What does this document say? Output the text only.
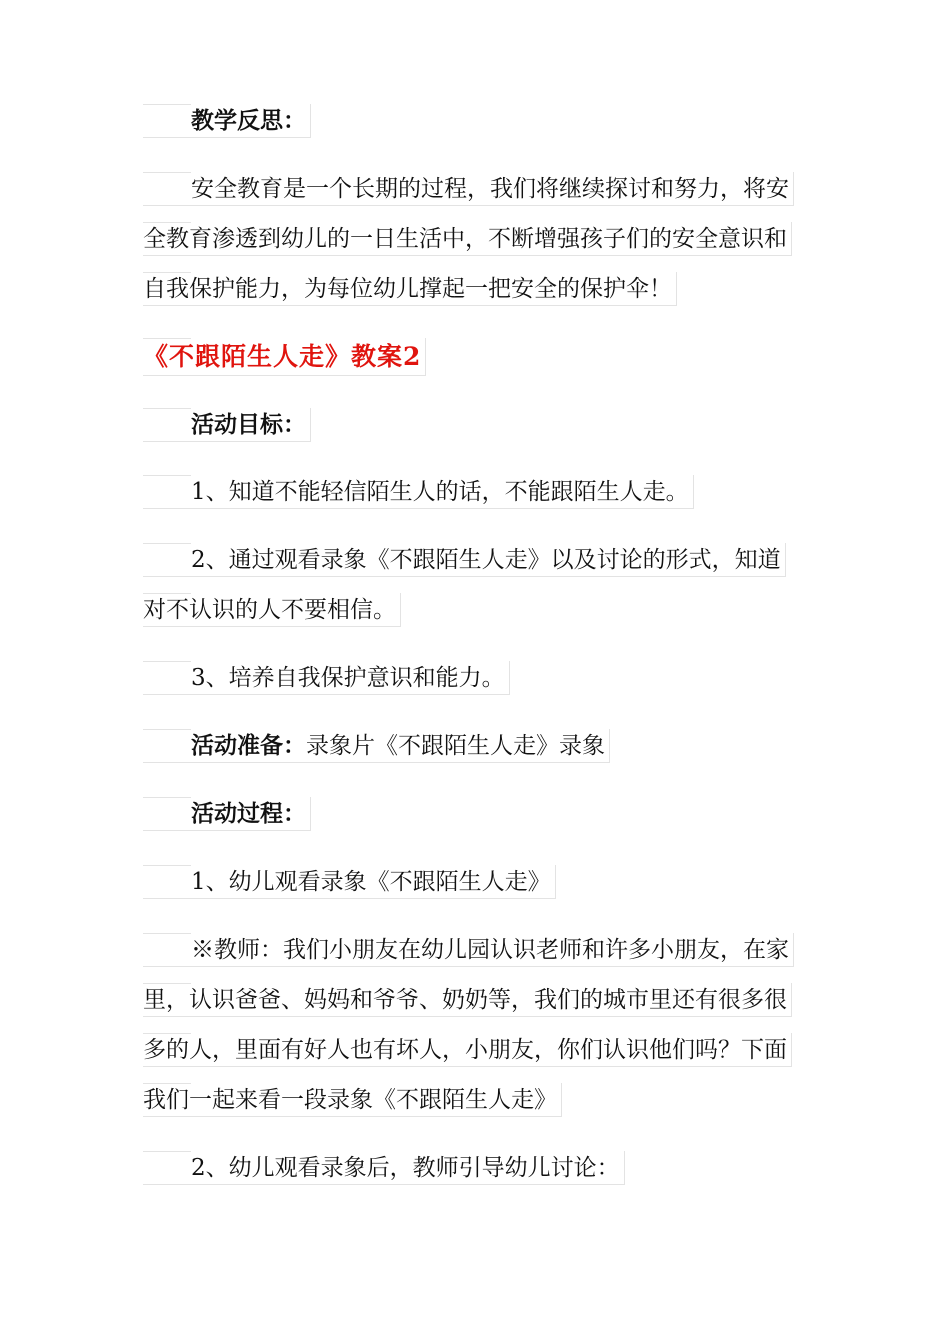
教学反思：
安全教育是一个长期的过程，我们将继续探讨和努力，将安
全教育渗透到幼儿的一日生活中，不断增强孩子们的安全意识和
自我保护能力，为每位幼儿撑起一把安全的保护伞！
《不跟陌生人走》教案2
活动目标：
1、知道不能轻信陌生人的话，不能跟陌生人走。
2、通过观看录象《不跟陌生人走》以及讨论的形式，知道
对不认识的人不要相信。
3、培养自我保护意识和能力。
活动准备：录象片《不跟陌生人走》录象
活动过程：
1、幼儿观看录象《不跟陌生人走》
※教师：我们小朋友在幼儿园认识老师和许多小朋友，在家
里，认识爸爸、妈妈和爷爷、奶奶等，我们的城市里还有很多很
多的人，里面有好人也有坏人，小朋友，你们认识他们吗？下面
我们一起来看一段录象《不跟陌生人走》
2、幼儿观看录象后，教师引导幼儿讨论：
